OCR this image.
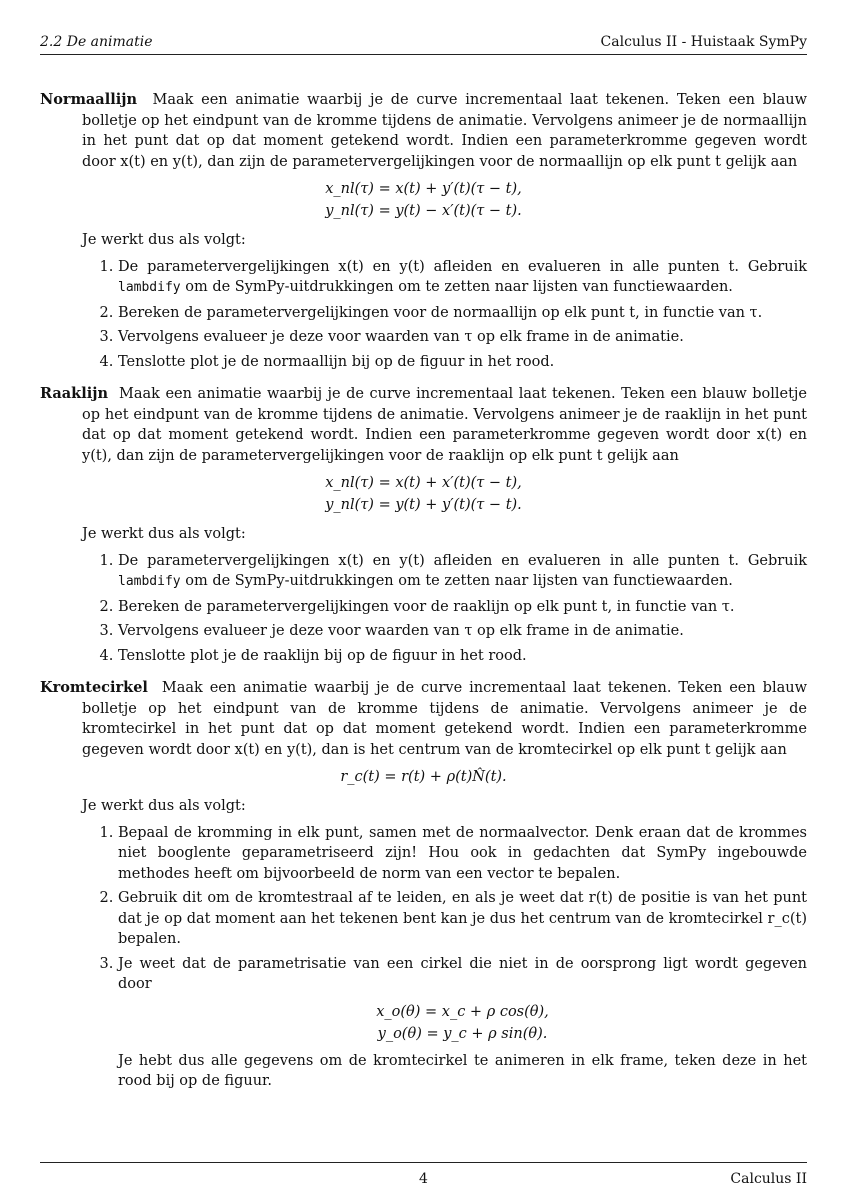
2.2 De animatie	Calculus II - Huistaak SymPy

Normaallijn Maak een animatie waarbij je de curve incrementaal laat tekenen. Teken een blauw bolletje op het eindpunt van de kromme tijdens de animatie. Vervolgens animeer je de normaallijn in het punt dat op dat moment getekend wordt. Indien een parameterkromme gegeven wordt door x(t) en y(t), dan zijn de parametervergelijkingen voor de normaallijn op elk punt t gelijk aan

x_nl(τ) = x(t) + y′(t)(τ − t),
y_nl(τ) = y(t) − x′(t)(τ − t).
Je werkt dus als volgt:
1. De parametervergelijkingen x(t) en y(t) afleiden en evalueren in alle punten t. Gebruik lambdify om de SymPy-uitdrukkingen om te zetten naar lijsten van functiewaarden.
2. Bereken de parametervergelijkingen voor de normaallijn op elk punt t, in functie van τ.
3. Vervolgens evalueer je deze voor waarden van τ op elk frame in de animatie.
4. Tenslotte plot je de normaallijn bij op de figuur in het rood.

Raaklijn Maak een animatie waarbij je de curve incrementaal laat tekenen. Teken een blauw bolletje op het eindpunt van de kromme tijdens de animatie. Vervolgens animeer je de raaklijn in het punt dat op dat moment getekend wordt. Indien een parameterkromme gegeven wordt door x(t) en y(t), dan zijn de parametervergelijkingen voor de raaklijn op elk punt t gelijk aan

x_nl(τ) = x(t) + x′(t)(τ − t),
y_nl(τ) = y(t) + y′(t)(τ − t).
Je werkt dus als volgt:
1. De parametervergelijkingen x(t) en y(t) afleiden en evalueren in alle punten t. Gebruik lambdify om de SymPy-uitdrukkingen om te zetten naar lijsten van functiewaarden.
2. Bereken de parametervergelijkingen voor de raaklijn op elk punt t, in functie van τ.
3. Vervolgens evalueer je deze voor waarden van τ op elk frame in de animatie.
4. Tenslotte plot je de raaklijn bij op de figuur in het rood.

Kromtecirkel Maak een animatie waarbij je de curve incrementaal laat tekenen. Teken een blauw bolletje op het eindpunt van de kromme tijdens de animatie. Vervolgens animeer je de kromtecirkel in het punt dat op dat moment getekend wordt. Indien een parameterkromme gegeven wordt door x(t) en y(t), dan is het centrum van de kromtecirkel op elk punt t gelijk aan

r_c(t) = r(t) + ρ(t)N̂(t).
Je werkt dus als volgt:
1. Bepaal de kromming in elk punt, samen met de normaalvector. Denk eraan dat de krommes niet booglente geparametriseerd zijn! Hou ook in gedachten dat SymPy ingebouwde methodes heeft om bijvoorbeeld de norm van een vector te bepalen.
2. Gebruik dit om de kromtestraal af te leiden, en als je weet dat r(t) de positie is van het punt dat je op dat moment aan het tekenen bent kan je dus het centrum van de kromtecirkel r_c(t) bepalen.
3. Je weet dat de parametrisatie van een cirkel die niet in de oorsprong ligt wordt gegeven door
x_o(θ) = x_c + ρ cos(θ),
y_o(θ) = y_c + ρ sin(θ).
Je hebt dus alle gegevens om de kromtecirkel te animeren in elk frame, teken deze in het rood bij op de figuur.
4	Calculus II
